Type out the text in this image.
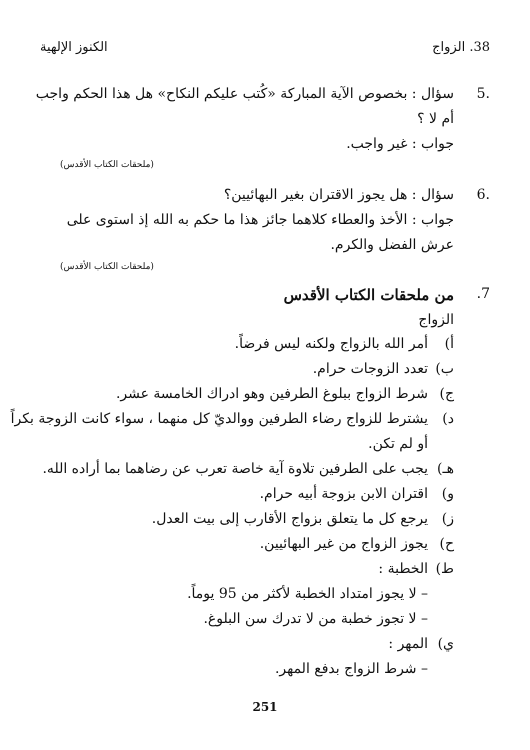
38. الزواج
الكنوز الإلهية
5.
سؤال : بخصوص الآية المباركة «كُتب عليكم النكاح» هل هذا الحكم واجب أم لا ؟
جواب : غير واجب.
(ملحقات الكتاب الأقدس)
6.
سؤال : هل يجوز الاقتران بغير البهائيين؟
جواب : الأخذ والعطاء كلاهما جائز هذا ما حكم به الله إذ استوى على عرش الفضل والكرم.
(ملحقات الكتاب الأقدس)
7.
من ملحقات الكتاب الأقدس
الزواج
أ)
أمر الله بالزواج ولكنه ليس فرضاً.
ب)
تعدد الزوجات حرام.
ج)
شرط الزواج ببلوغ الطرفين وهو ادراك الخامسة عشر.
د)
يشترط للزواج رضاء الطرفين ووالديّ كل منهما ، سواء كانت الزوجة بكراً
أو لم تكن.
هـ)
يجب على الطرفين تلاوة آية خاصة تعرب عن رضاهما بما أراده الله.
و)
اقتران الابن بزوجة أبيه حرام.
ز)
يرجع كل ما يتعلق بزواج الأقارب إلى بيت العدل.
ح)
يجوز الزواج من غير البهائيين.
ط)
الخطبة :
– لا يجوز امتداد الخطبة لأكثر من 95 يوماً.
– لا تجوز خطبة من لا تدرك سن البلوغ.
ي)
المهر :
– شرط الزواج بدفع المهر.
251
